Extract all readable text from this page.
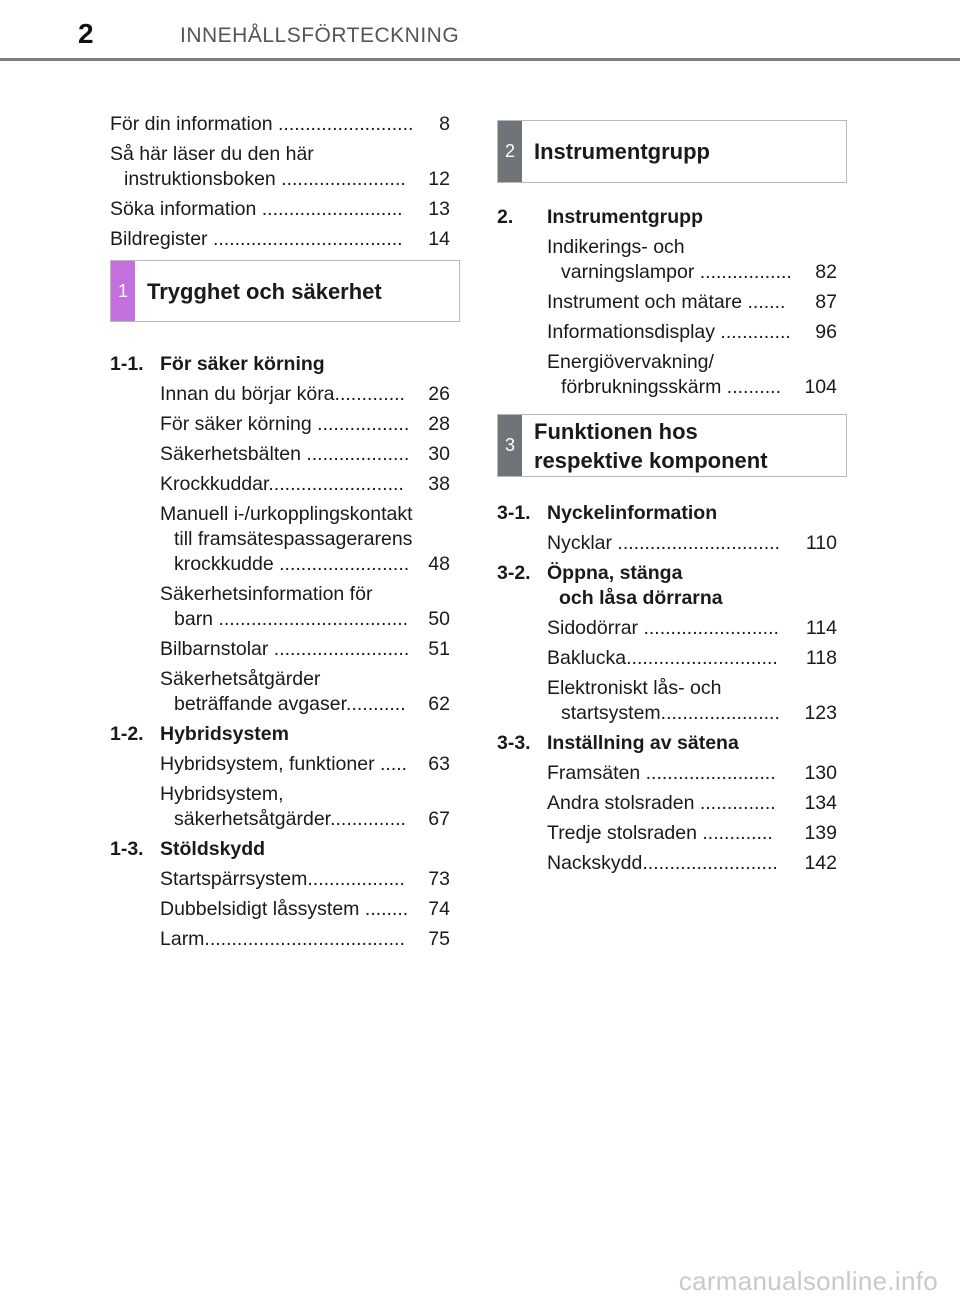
2	INNEHÅLLSFÖRTECKNING
För din information .........................	8
Så här läser du den här
instruktionsboken .......................	12
Söka information ..........................	13
Bildregister ...................................	14
1 Trygghet och säkerhet
1-1. För säker körning
Innan du börjar köra.............	26
För säker körning ................. 28
Säkerhetsbälten ................... 30
Krockkuddar.........................	38
Manuell i-/urkopplingskontakt
till framsätespassagerarens
krockkudde ........................ 48
Säkerhetsinformation för
barn ...................................	50
Bilbarnstolar ......................... 51
Säkerhetsåtgärder
beträffande avgaser...........	62
1-2. Hybridsystem
Hybridsystem, funktioner .....	63
Hybridsystem,
säkerhetsåtgärder..............	67
1-3. Stöldskydd
Startspärrsystem..................	73
Dubbelsidigt låssystem ........	74
Larm.....................................	75
2 Instrumentgrupp
2.	Instrumentgrupp
Indikerings- och
varningslampor .................	82
Instrument och mätare .......	87
Informationsdisplay .............	96
Energiövervakning/
förbrukningsskärm ..........	104
3
Funktionen hos
respektive komponent
3-1. Nyckelinformation
Nycklar ..............................	110
3-2. Öppna, stänga
och låsa dörrarna
Sidodörrar .........................	114
Baklucka............................	118
Elektroniskt lås- och
startsystem......................	123
3-3. Inställning av sätena
Framsäten ........................	130
Andra stolsraden ..............	134
Tredje stolsraden .............	139
Nackskydd.........................	142
carmanualsonline.info
